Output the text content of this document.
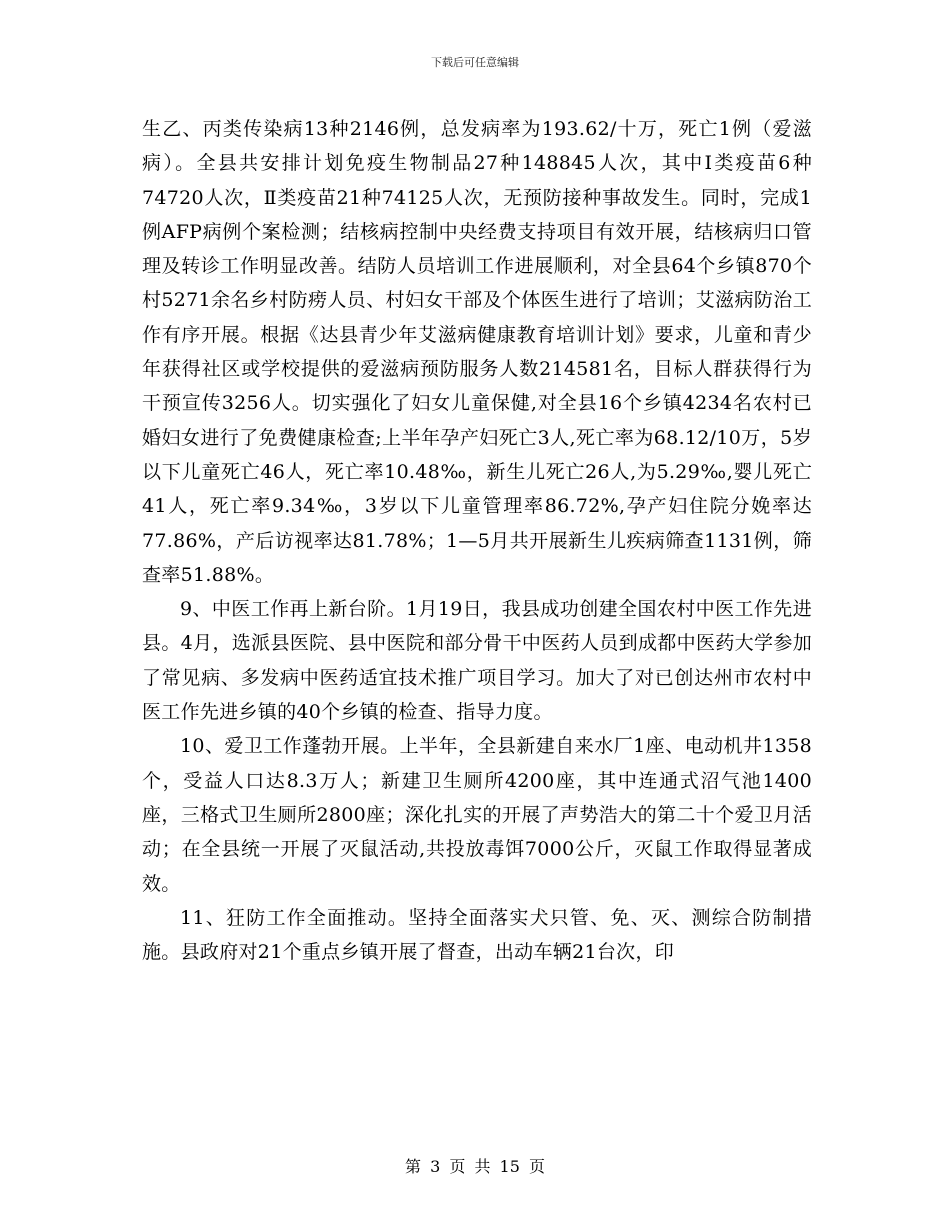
下载后可任意编辑

生乙、丙类传染病13种2146例，总发病率为193.62/十万，死亡1例（爱滋病）。全县共安排计划免疫生物制品27种148845人次，其中Ⅰ类疫苗6种74720人次，Ⅱ类疫苗21种74125人次，无预防接种事故发生。同时，完成1例AFP病例个案检测；结核病控制中央经费支持项目有效开展，结核病归口管理及转诊工作明显改善。结防人员培训工作进展顺利，对全县64个乡镇870个村5271余名乡村防痨人员、村妇女干部及个体医生进行了培训；艾滋病防治工作有序开展。根据《达县青少年艾滋病健康教育培训计划》要求，儿童和青少年获得社区或学校提供的爱滋病预防服务人数214581名，目标人群获得行为干预宣传3256人。切实强化了妇女儿童保健,对全县16个乡镇4234名农村已婚妇女进行了免费健康检查;上半年孕产妇死亡3人,死亡率为68.12/10万，5岁以下儿童死亡46人，死亡率10.48‰，新生儿死亡26人,为5.29‰,婴儿死亡41人，死亡率9.34‰，3岁以下儿童管理率86.72%,孕产妇住院分娩率达77.86%，产后访视率达81.78%；1—5月共开展新生儿疾病筛查1131例，筛查率51.88%。

9、中医工作再上新台阶。1月19日，我县成功创建全国农村中医工作先进县。4月，选派县医院、县中医院和部分骨干中医药人员到成都中医药大学参加了常见病、多发病中医药适宜技术推广项目学习。加大了对已创达州市农村中医工作先进乡镇的40个乡镇的检查、指导力度。

10、爱卫工作蓬勃开展。上半年，全县新建自来水厂1座、电动机井1358个，受益人口达8.3万人；新建卫生厕所4200座，其中连通式沼气池1400座，三格式卫生厕所2800座；深化扎实的开展了声势浩大的第二十个爱卫月活动；在全县统一开展了灭鼠活动,共投放毒饵7000公斤，灭鼠工作取得显著成效。

11、狂防工作全面推动。坚持全面落实犬只管、免、灭、测综合防制措施。县政府对21个重点乡镇开展了督查，出动车辆21台次，印

第 3 页 共 15 页
